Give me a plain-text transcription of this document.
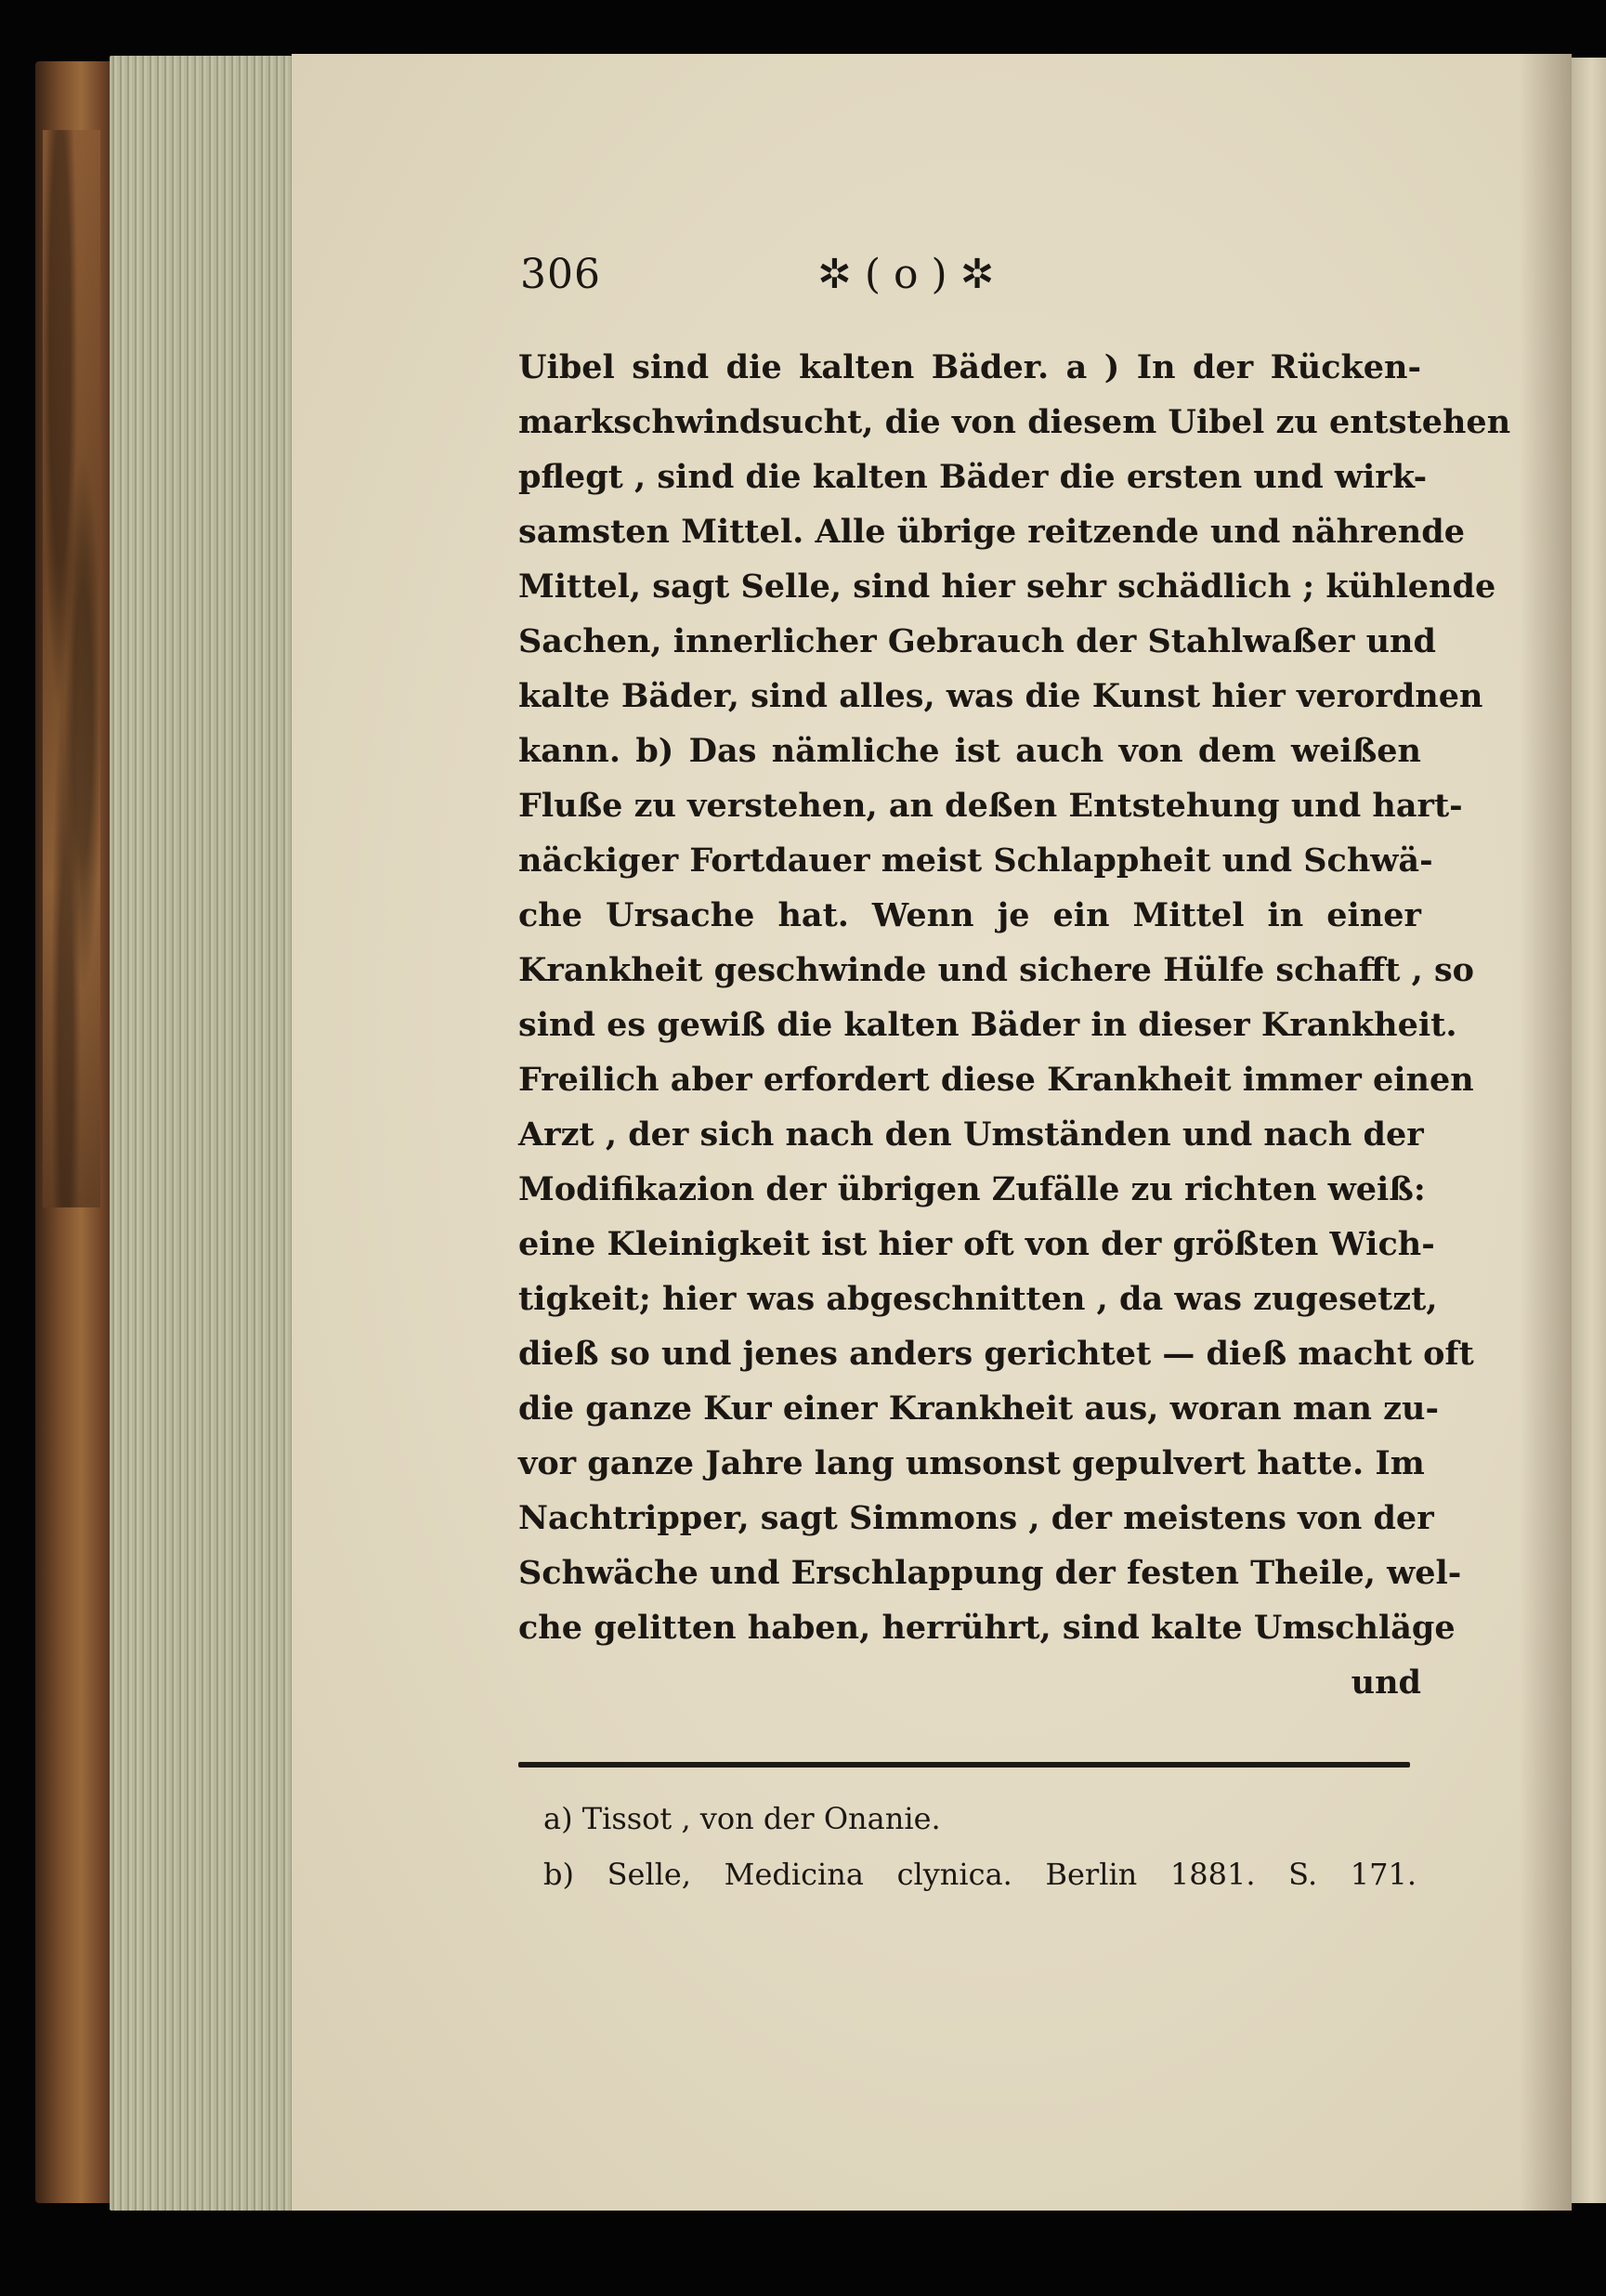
306	✲ ( o ) ✲
Uibel sind die kalten Bäder. a ) In der Rücken-
markschwindsucht, die von diesem Uibel zu entstehen
pflegt , sind die kalten Bäder die ersten und wirk-
samsten Mittel. Alle übrige reitzende und nährende
Mittel, sagt Selle, sind hier sehr schädlich ; kühlende
Sachen, innerlicher Gebrauch der Stahlwaßer und
kalte Bäder, sind alles, was die Kunst hier verordnen
kann. b) Das nämliche ist auch von dem weißen
Fluße zu verstehen, an deßen Entstehung und hart-
näckiger Fortdauer meist Schlappheit und Schwä-
che Ursache hat. Wenn je ein Mittel in einer
Krankheit geschwinde und sichere Hülfe schafft , so
sind es gewiß die kalten Bäder in dieser Krankheit.
Freilich aber erfordert diese Krankheit immer einen
Arzt , der sich nach den Umständen und nach der
Modifikazion der übrigen Zufälle zu richten weiß:
eine Kleinigkeit ist hier oft von der größten Wich-
tigkeit; hier was abgeschnitten , da was zugesetzt,
dieß so und jenes anders gerichtet — dieß macht oft
die ganze Kur einer Krankheit aus, woran man zu-
vor ganze Jahre lang umsonst gepulvert hatte. Im
Nachtripper, sagt Simmons , der meistens von der
Schwäche und Erschlappung der festen Theile, wel-
che gelitten haben, herrührt, sind kalte Umschläge
und
a) Tissot , von der Onanie.
b) Selle, Medicina clynica. Berlin 1881. S. 171.
